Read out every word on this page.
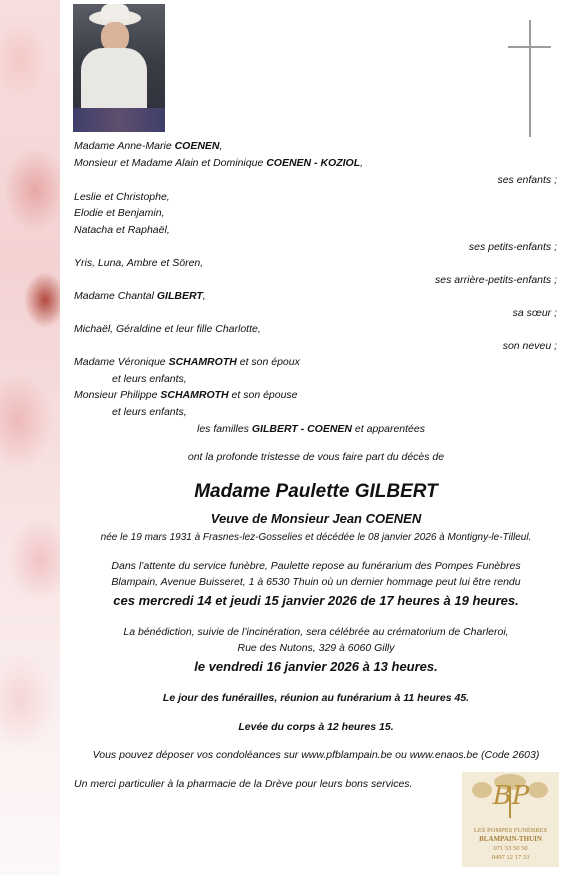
Madame Anne-Marie COENEN,
Monsieur et Madame Alain et Dominique COENEN - KOZIOL,
ses enfants ;
Leslie et Christophe,
Elodie et Benjamin,
Natacha et Raphaël,
ses petits-enfants ;
Yris, Luna, Ambre et Sören,
ses arrière-petits-enfants ;
Madame Chantal GILBERT,
sa sœur ;
Michaël, Géraldine et leur fille Charlotte,
son neveu ;
Madame Véronique SCHAMROTH et son époux
et leurs enfants,
Monsieur Philippe SCHAMROTH et son épouse
et leurs enfants,
les familles GILBERT - COENEN et apparentées
ont la profonde tristesse de vous faire part du décès de
Madame Paulette GILBERT
Veuve de Monsieur Jean COENEN
née le 19 mars 1931 à Frasnes-lez-Gosselies et décédée le 08 janvier 2026 à Montigny-le-Tilleul.
Dans l’attente du service funèbre, Paulette repose au funérarium des Pompes Funèbres
Blampain, Avenue Buisseret, 1 à 6530 Thuin où un dernier hommage peut lui être rendu
ces mercredi 14 et jeudi 15 janvier 2026 de 17 heures à 19 heures.
La bénédiction, suivie de l’incinération, sera célébrée au crématorium de Charleroi,
Rue des Nutons, 329 à 6060 Gilly
le vendredi 16 janvier 2026 à 13 heures.
Le jour des funérailles, réunion au funérarium à 11 heures 45.
Levée du corps à 12 heures 15.
Vous pouvez déposer vos condoléances sur www.pfblampain.be ou www.enaos.be (Code 2603)
Un merci particulier à la pharmacie de la Drève pour leurs bons services.	BP
LES POMPES FUNÈBRES
BLAMPAIN-THUIN
071 53 50 50
0497 12 17 33
